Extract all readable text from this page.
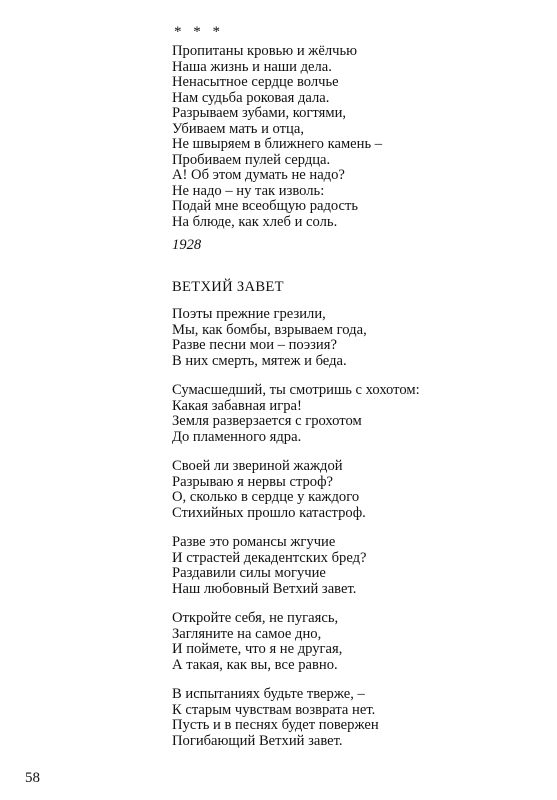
* * *
Пропитаны кровью и жёлчью
Наша жизнь и наши дела.
Ненасытное сердце волчье
Нам судьба роковая дала.
Разрываем зубами, когтями,
Убиваем мать и отца,
Не швыряем в ближнего камень –
Пробиваем пулей сердца.
А! Об этом думать не надо?
Не надо – ну так изволь:
Подай мне всеобщую радость
На блюде, как хлеб и соль.
1928
ВЕТХИЙ ЗАВЕТ
Поэты прежние грезили,
Мы, как бомбы, взрываем года,
Разве песни мои – поэзия?
В них смерть, мятеж и беда.
Сумасшедший, ты смотришь с хохотом:
Какая забавная игра!
Земля разверзается с грохотом
До пламенного ядра.
Своей ли звериной жаждой
Разрываю я нервы строф?
О, сколько в сердце у каждого
Стихийных прошло катастроф.
Разве это романсы жгучие
И страстей декадентских бред?
Раздавили силы могучие
Наш любовный Ветхий завет.
Откройте себя, не пугаясь,
Загляните на самое дно,
И поймете, что я не другая,
А такая, как вы, все равно.
В испытаниях будьте тверже, –
К старым чувствам возврата нет.
Пусть и в песнях будет повержен
Погибающий Ветхий завет.
58
